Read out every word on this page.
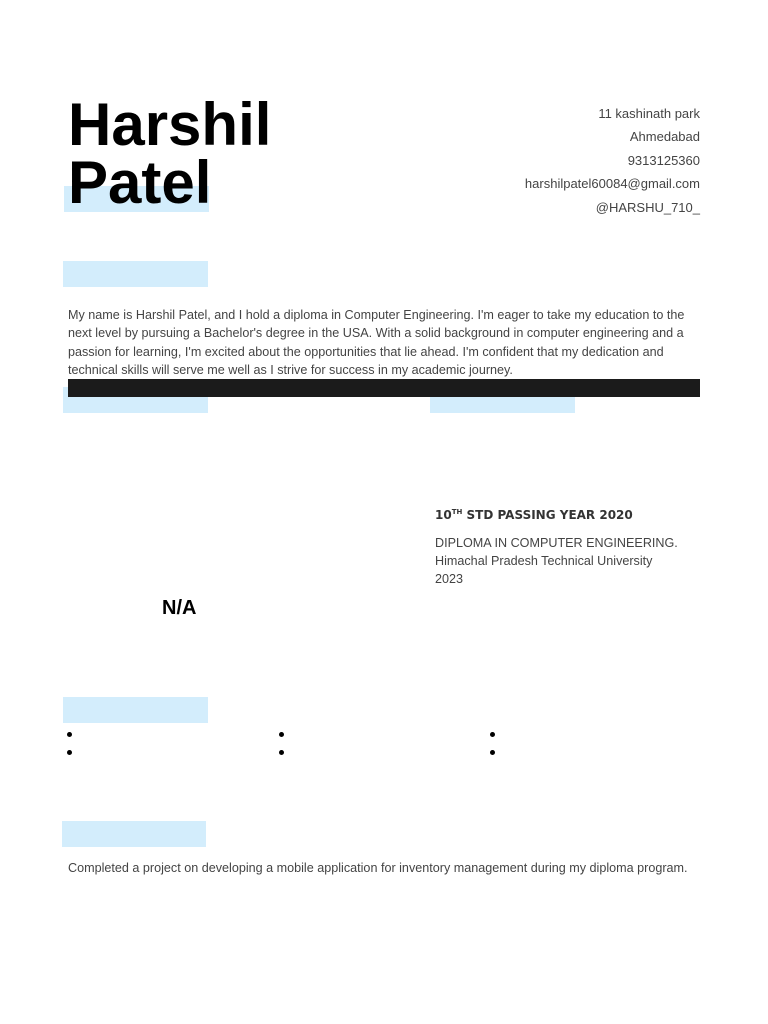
Harshil
Patel
11 kashinath park
Ahmedabad
9313125360
harshilpatel60084@gmail.com
@HARSHU_710_
My name is Harshil Patel, and I hold a diploma in Computer Engineering. I'm eager to take my education to the next level by pursuing a Bachelor's degree in the USA. With a solid background in computer engineering and a passion for learning, I'm excited about the opportunities that lie ahead. I'm confident that my dedication and technical skills will serve me well as I strive for success in my academic journey.
10TH STD PASSING YEAR 2020
DIPLOMA IN COMPUTER ENGINEERING.
Himachal Pradesh Technical University
2023
N/A
Completed a project on developing a mobile application for inventory management during my diploma program.
